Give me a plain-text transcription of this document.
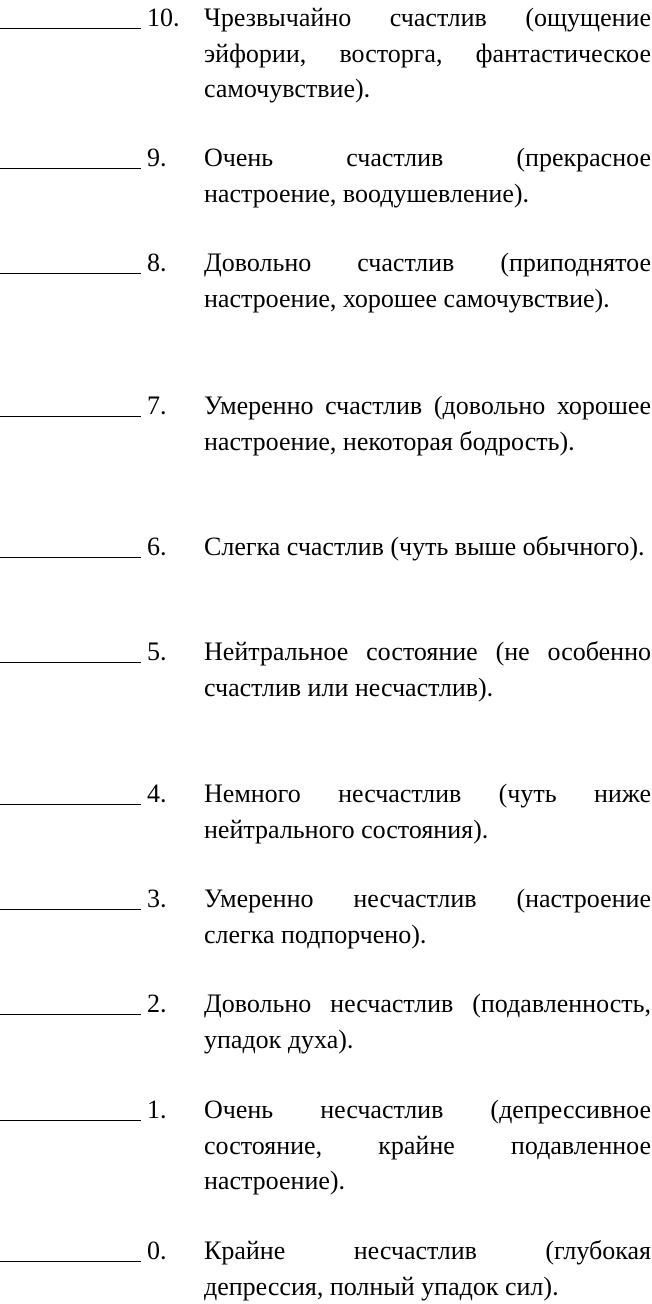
10. Чрезвычайно счастлив (ощущение эйфории, восторга, фантастическое самочувствие).

9. Очень счастлив (прекрасное настроение, воодушевление).

8. Довольно счастлив (приподнятое настроение, хорошее самочувствие).

7. Умеренно счастлив (довольно хорошее настроение, некоторая бодрость).

6. Слегка счастлив (чуть выше обычного).

5. Нейтральное состояние (не особенно счастлив или несчастлив).

4. Немного несчастлив (чуть ниже нейтрального состояния).

3. Умеренно несчастлив (настроение слегка подпорчено).

2. Довольно несчастлив (подавленность, упадок духа).

1. Очень несчастлив (депрессивное состояние, крайне подавленное настроение).

0. Крайне несчастлив (глубокая депрессия, полный упадок сил).
